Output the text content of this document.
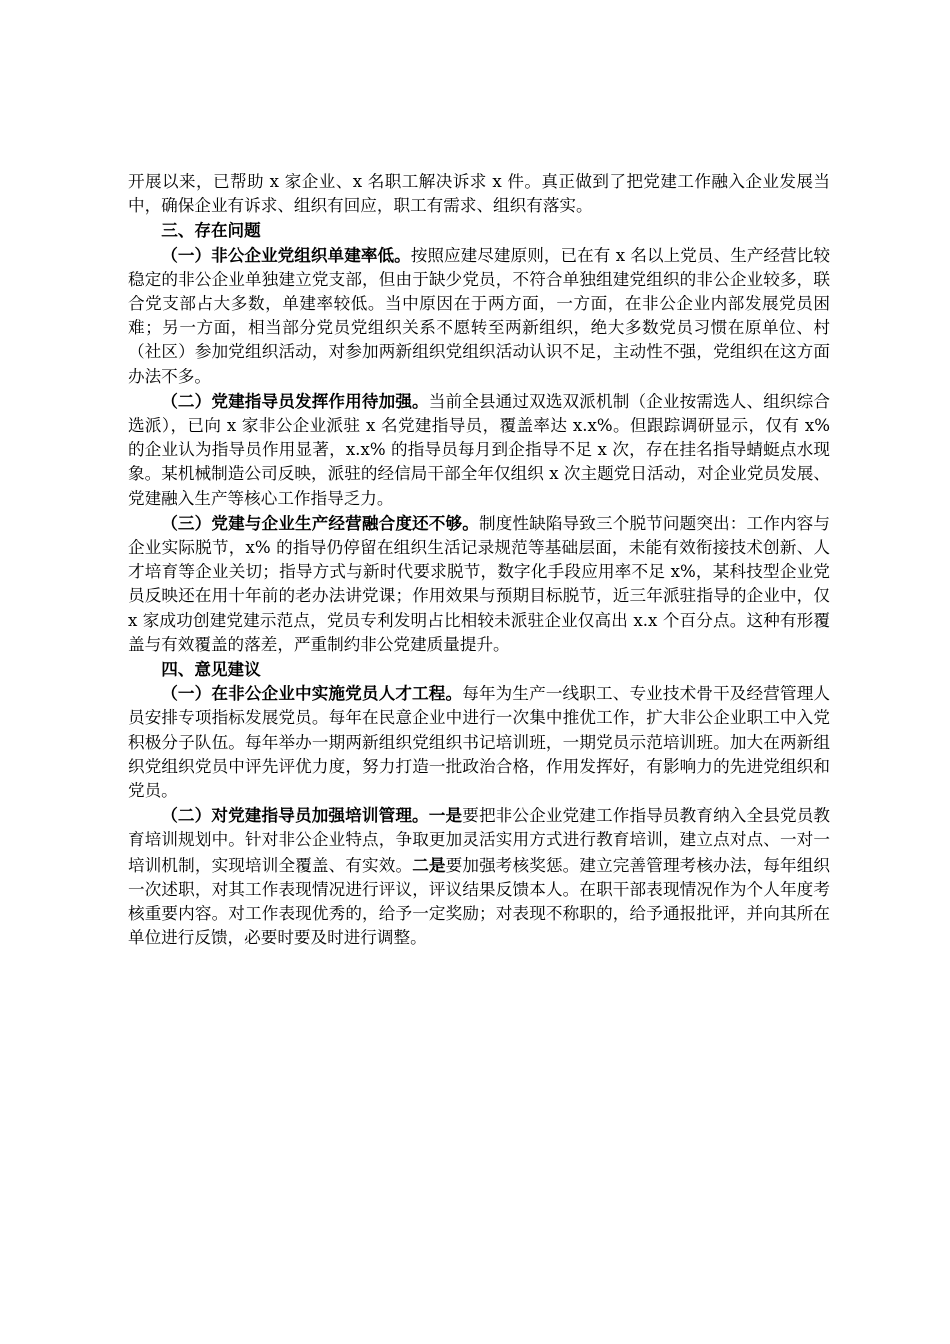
开展以来，已帮助 x 家企业、x 名职工解决诉求 x 件。真正做到了把党建工作融入企业发展当中，确保企业有诉求、组织有回应，职工有需求、组织有落实。

三、存在问题

（一）非公企业党组织单建率低。按照应建尽建原则，已在有 x 名以上党员、生产经营比较稳定的非公企业单独建立党支部，但由于缺少党员，不符合单独组建党组织的非公企业较多，联合党支部占大多数，单建率较低。当中原因在于两方面，一方面，在非公企业内部发展党员困难；另一方面，相当部分党员党组织关系不愿转至两新组织，绝大多数党员习惯在原单位、村（社区）参加党组织活动，对参加两新组织党组织活动认识不足，主动性不强，党组织在这方面办法不多。

（二）党建指导员发挥作用待加强。当前全县通过双选双派机制（企业按需选人、组织综合选派），已向 x 家非公企业派驻 x 名党建指导员，覆盖率达 x.x%。但跟踪调研显示，仅有 x% 的企业认为指导员作用显著，x.x% 的指导员每月到企指导不足 x 次，存在挂名指导蜻蜓点水现象。某机械制造公司反映，派驻的经信局干部全年仅组织 x 次主题党日活动，对企业党员发展、党建融入生产等核心工作指导乏力。

（三）党建与企业生产经营融合度还不够。制度性缺陷导致三个脱节问题突出：工作内容与企业实际脱节，x% 的指导仍停留在组织生活记录规范等基础层面，未能有效衔接技术创新、人才培育等企业关切；指导方式与新时代要求脱节，数字化手段应用率不足 x%，某科技型企业党员反映还在用十年前的老办法讲党课；作用效果与预期目标脱节，近三年派驻指导的企业中，仅 x 家成功创建党建示范点，党员专利发明占比相较未派驻企业仅高出 x.x 个百分点。这种有形覆盖与有效覆盖的落差，严重制约非公党建质量提升。

四、意见建议

（一）在非公企业中实施党员人才工程。每年为生产一线职工、专业技术骨干及经营管理人员安排专项指标发展党员。每年在民意企业中进行一次集中推优工作，扩大非公企业职工中入党积极分子队伍。每年举办一期两新组织党组织书记培训班，一期党员示范培训班。加大在两新组织党组织党员中评先评优力度，努力打造一批政治合格，作用发挥好，有影响力的先进党组织和党员。

（二）对党建指导员加强培训管理。一是要把非公企业党建工作指导员教育纳入全县党员教育培训规划中。针对非公企业特点，争取更加灵活实用方式进行教育培训，建立点对点、一对一培训机制，实现培训全覆盖、有实效。二是要加强考核奖惩。建立完善管理考核办法，每年组织一次述职，对其工作表现情况进行评议，评议结果反馈本人。在职干部表现情况作为个人年度考核重要内容。对工作表现优秀的，给予一定奖励；对表现不称职的，给予通报批评，并向其所在单位进行反馈，必要时要及时进行调整。
